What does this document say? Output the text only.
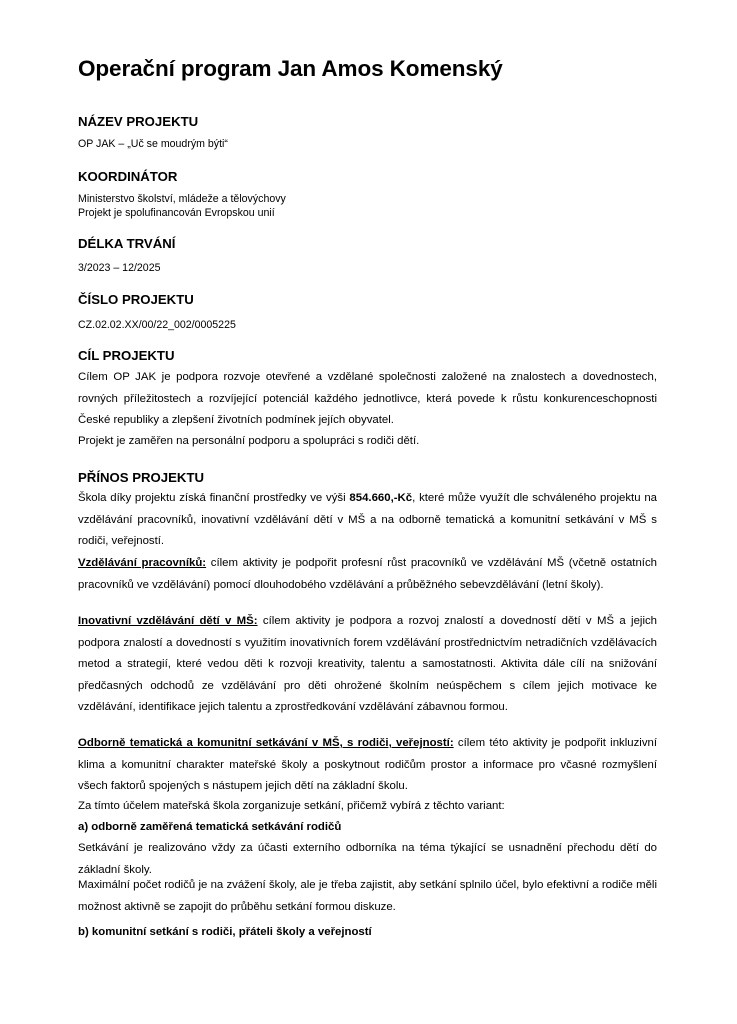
Operační program Jan Amos Komenský
NÁZEV PROJEKTU

OP JAK – „Uč se moudrým býti“

KOORDINÁTOR

Ministerstvo školství, mládeže a tělovýchovy

Projekt je spolufinancován Evropskou unií

DÉLKA TRVÁNÍ

3/2023 – 12/2025

ČÍSLO PROJEKTU

CZ.02.02.XX/00/22_002/0005225

CÍL PROJEKTU

Cílem OP JAK je podpora rozvoje otevřené a vzdělané společnosti založené na znalostech a dovednostech, rovných příležitostech a rozvíjející potenciál každého jednotlivce, která povede k růstu konkurenceschopnosti České republiky a zlepšení životních podmínek jejích obyvatel.

Projekt je zaměřen na personální podporu a spolupráci s rodiči dětí.

PŘÍNOS PROJEKTU

Škola díky projektu získá finanční prostředky ve výši 854.660,-Kč, které může využít dle schváleného projektu na vzdělávání pracovníků, inovativní vzdělávání dětí v MŠ a na odborně tematická a komunitní setkávání v MŠ s rodiči, veřejností.

Vzdělávání pracovníků: cílem aktivity je podpořit profesní růst pracovníků ve vzdělávání MŠ (včetně ostatních pracovníků ve vzdělávání) pomocí dlouhodobého vzdělávání a průběžného sebevzdělávání (letní školy).

Inovativní vzdělávání dětí v MŠ: cílem aktivity je podpora a rozvoj znalostí a dovedností dětí v MŠ a jejich podpora znalostí a dovedností s využitím inovativních forem vzdělávání prostřednictvím netradičních vzdělávacích metod a strategií, které vedou děti k rozvoji kreativity, talentu a samostatnosti. Aktivita dále cílí na snižování předčasných odchodů ze vzdělávání pro děti ohrožené školním neúspěchem s cílem jejich motivace ke vzdělávání, identifikace jejich talentu a zprostředkování vzdělávání zábavnou formou.

Odborně tematická a komunitní setkávání v MŠ, s rodiči, veřejností: cílem této aktivity je podpořit inkluzivní klima a komunitní charakter mateřské školy a poskytnout rodičům prostor a informace pro včasné rozmyšlení všech faktorů spojených s nástupem jejich dětí na základní školu.

Za tímto účelem mateřská škola zorganizuje setkání, přičemž vybírá z těchto variant:

a) odborně zaměřená tematická setkávání rodičů

Setkávání je realizováno vždy za účasti externího odborníka na téma týkající se usnadnění přechodu dětí do základní školy.

Maximální počet rodičů je na zvážení školy, ale je třeba zajistit, aby setkání splnilo účel, bylo efektivní a rodiče měli možnost aktivně se zapojit do průběhu setkání formou diskuze.

b) komunitní setkání s rodiči, přáteli školy a veřejností
